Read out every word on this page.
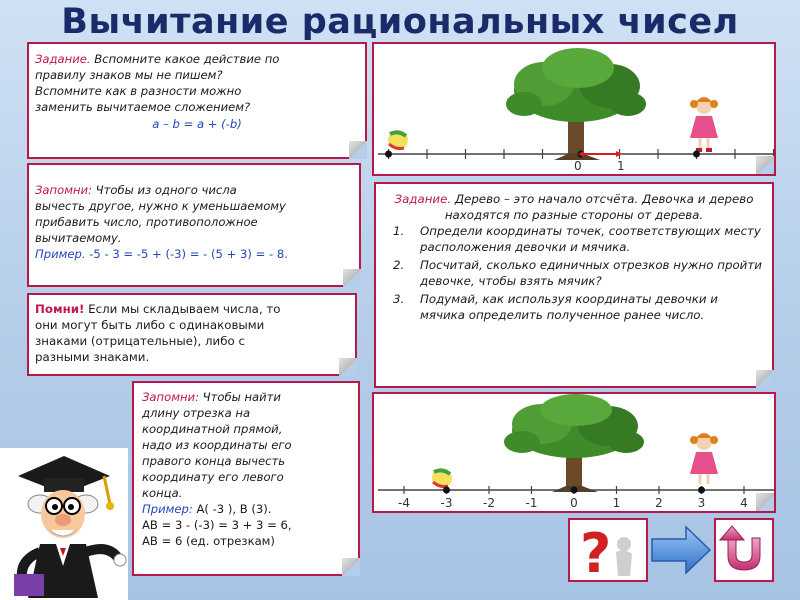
Вычитание рациональных чисел
Задание. Вспомните какое действие по
правилу знаков мы не пишем?
Вспомните как в разности можно
заменить вычитаемое сложением?
a – b = a + (-b)
Запомни: Чтобы из одного числа
вычесть другое, нужно к уменьшаемому
прибавить число, противоположное
вычитаемому.
Пример. -5 - 3 = -5 + (-3) = - (5 + 3) = - 8.
Помни! Если мы складываем числа, то
они могут быть либо с одинаковыми
знаками (отрицательные), либо с
разными знаками.
Запомни: Чтобы найти
длину отрезка на
координатной прямой,
надо из координаты его
правого конца вычесть
координату его левого
конца.
Пример: А( -3 ), В (3).
АВ = 3 - (-3) = 3 + 3 = 6,
АВ = 6 (ед. отрезкам)
0	1
Задание. Дерево – это начало отсчёта. Девочка и дерево находятся по разные стороны от дерева.
1. Определи координаты точек, соответствующих месту расположения девочки и мячика.
2. Посчитай, сколько единичных отрезков нужно пройти девочке, чтобы взять мячик?
3. Подумай, как используя координаты девочки и мячика определить полученное ранее число.
-4	-3	-2	-1	0	1	2	3	4
?
